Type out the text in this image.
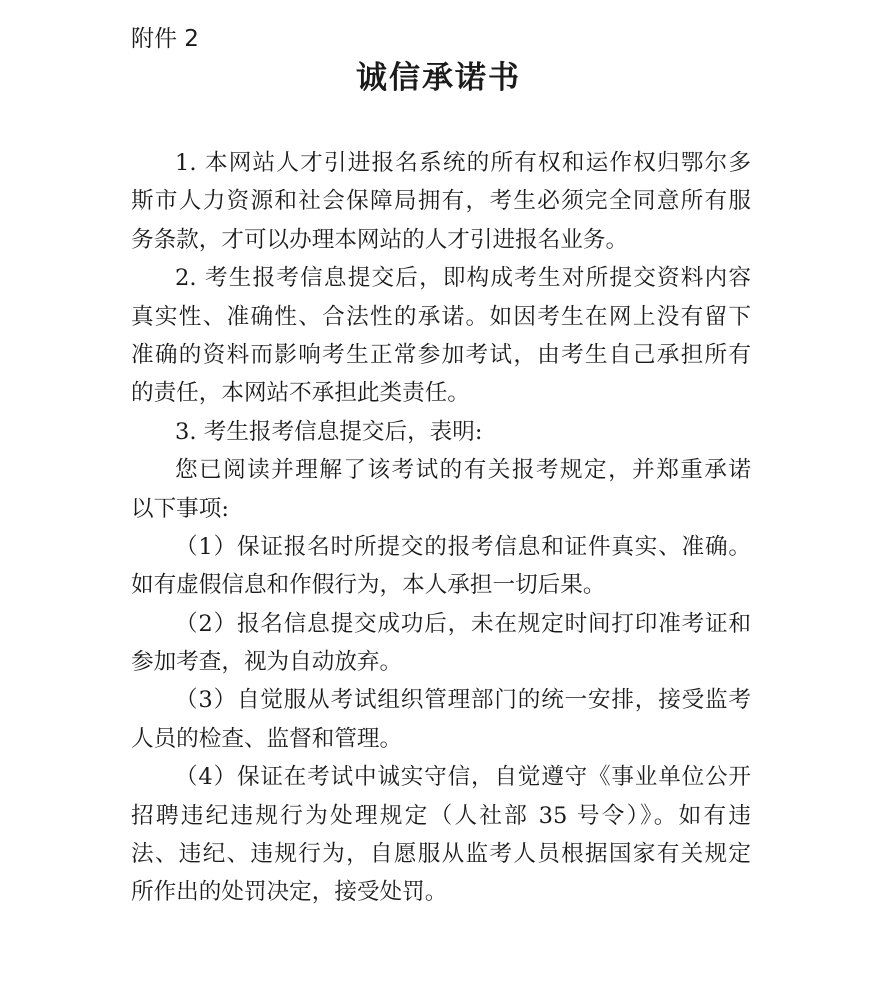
附件 2
诚信承诺书
1. 本网站人才引进报名系统的所有权和运作权归鄂尔多
斯市人力资源和社会保障局拥有，考生必须完全同意所有服
务条款，才可以办理本网站的人才引进报名业务。
2. 考生报考信息提交后，即构成考生对所提交资料内容
真实性、准确性、合法性的承诺。如因考生在网上没有留下
准确的资料而影响考生正常参加考试，由考生自己承担所有
的责任，本网站不承担此类责任。
3. 考生报考信息提交后，表明:
您已阅读并理解了该考试的有关报考规定，并郑重承诺
以下事项:
（1）保证报名时所提交的报考信息和证件真实、准确。
如有虚假信息和作假行为，本人承担一切后果。
（2）报名信息提交成功后，未在规定时间打印准考证和
参加考查，视为自动放弃。
（3）自觉服从考试组织管理部门的统一安排，接受监考
人员的检查、监督和管理。
（4）保证在考试中诚实守信，自觉遵守《事业单位公开
招聘违纪违规行为处理规定（人社部 35 号令）》。如有违
法、违纪、违规行为，自愿服从监考人员根据国家有关规定
所作出的处罚决定，接受处罚。
